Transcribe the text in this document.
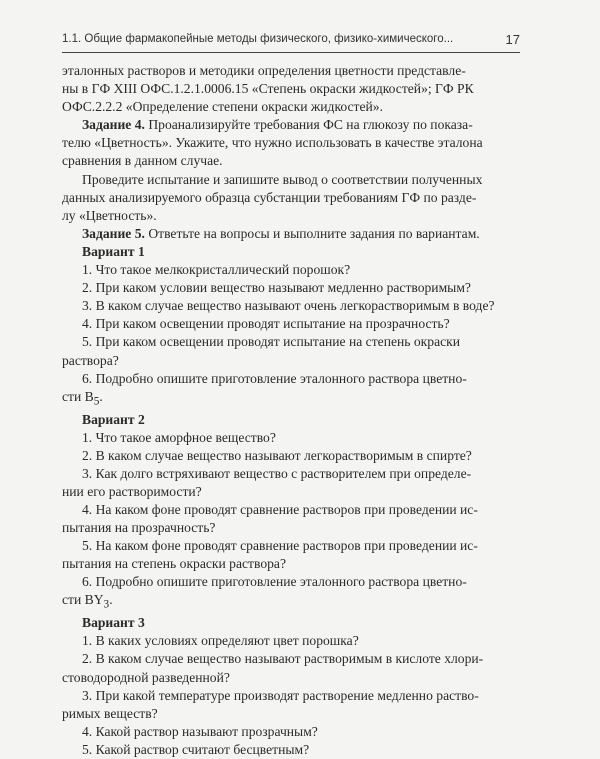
1.1. Общие фармакопейные методы физического, физико-химического...	17

эталонных растворов и методики определения цветности представле-

ны в ГФ XIII ОФС.1.2.1.0006.15 «Степень окраски жидкостей»; ГФ РК

ОФС.2.2.2 «Определение степени окраски жидкостей».

Задание 4. Проанализируйте требования ФС на глюкозу по показа-

телю «Цветность». Укажите, что нужно использовать в качестве эталона

сравнения в данном случае.

Проведите испытание и запишите вывод о соответствии полученных

данных анализируемого образца субстанции требованиям ГФ по разде-

лу «Цветность».

Задание 5. Ответьте на вопросы и выполните задания по вариантам.

Вариант 1

1. Что такое мелкокристаллический порошок?

2. При каком условии вещество называют медленно растворимым?

3. В каком случае вещество называют очень легкорастворимым в воде?

4. При каком освещении проводят испытание на прозрачность?

5. При каком освещении проводят испытание на степень окраски

раствора?

6. Подробно опишите приготовление эталонного раствора цветно-

сти $B_5$.

Вариант 2

1. Что такое аморфное вещество?

2. В каком случае вещество называют легкорастворимым в спирте?

3. Как долго встряхивают вещество с растворителем при определе-

нии его растворимости?

4. На каком фоне проводят сравнение растворов при проведении ис-

пытания на прозрачность?

5. На каком фоне проводят сравнение растворов при проведении ис-

пытания на степень окраски раствора?

6. Подробно опишите приготовление эталонного раствора цветно-

сти $BY_3$.

Вариант 3

1. В каких условиях определяют цвет порошка?

2. В каком случае вещество называют растворимым в кислоте хлори-

стоводородной разведенной?

3. При какой температуре производят растворение медленно раство-

римых веществ?

4. Какой раствор называют прозрачным?

5. Какой раствор считают бесцветным?
